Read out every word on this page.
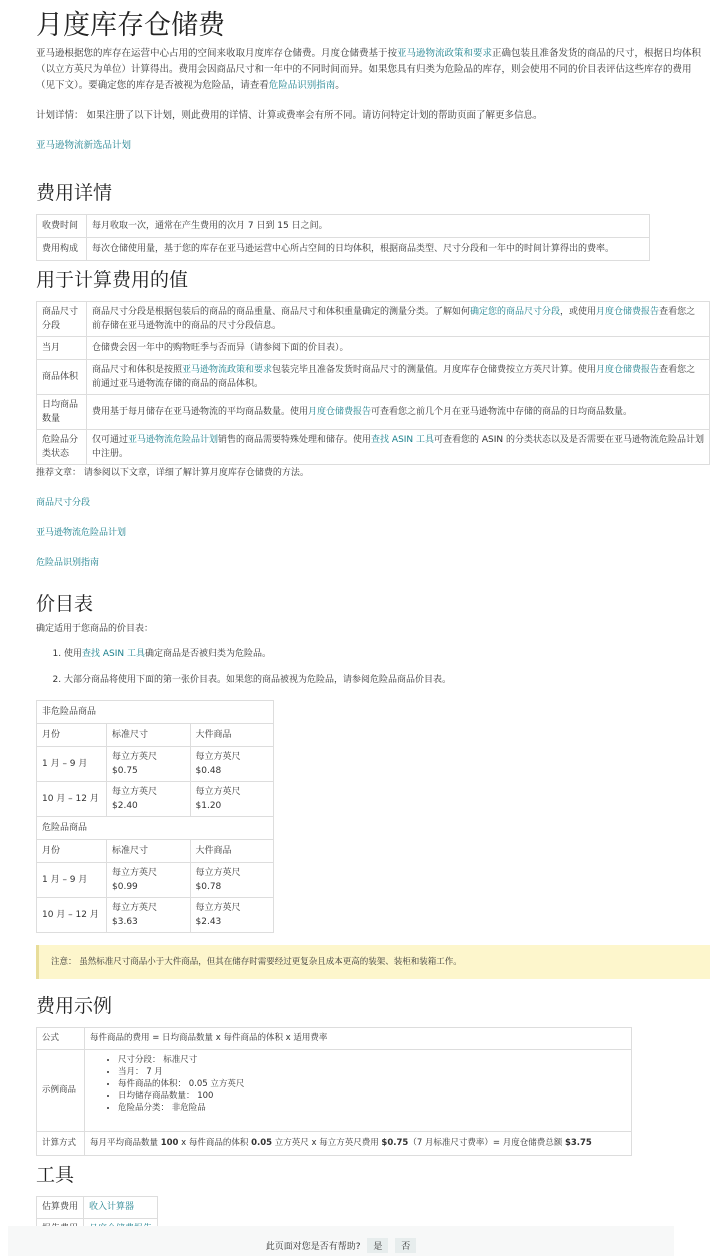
月度库存仓储费

亚马逊根据您的库存在运营中心占用的空间来收取月度库存仓储费。月度仓储费基于按亚马逊物流政策和要求正确包装且准备发货的商品的尺寸，根据日均体积（以立方英尺为单位）计算得出。费用会因商品尺寸和一年中的不同时间而异。如果您具有归类为危险品的库存，则会使用不同的价目表评估这些库存的费用（见下文）。要确定您的库存是否被视为危险品，请查看危险品识别指南。

计划详情： 如果注册了以下计划，则此费用的详情、计算或费率会有所不同。请访问特定计划的帮助页面了解更多信息。

亚马逊物流新选品计划

费用详情
收费时间	每月收取一次，通常在产生费用的次月 7 日到 15 日之间。
费用构成	每次仓储使用量，基于您的库存在亚马逊运营中心所占空间的日均体积，根据商品类型、尺寸分段和一年中的时间计算得出的费率。
用于计算费用的值
商品尺寸分段	商品尺寸分段是根据包装后的商品的商品重量、商品尺寸和体积重量确定的测量分类。了解如何确定您的商品尺寸分段，或使用月度仓储费报告查看您之前存储在亚马逊物流中的商品的尺寸分段信息。
当月	仓储费会因一年中的购物旺季与否而异（请参阅下面的价目表）。
商品体积	商品尺寸和体积是按照亚马逊物流政策和要求包装完毕且准备发货时商品尺寸的测量值。月度库存仓储费按立方英尺计算。使用月度仓储费报告查看您之前通过亚马逊物流存储的商品的商品体积。
日均商品数量	费用基于每月储存在亚马逊物流的平均商品数量。使用月度仓储费报告可查看您之前几个月在亚马逊物流中存储的商品的日均商品数量。
危险品分类状态	仅可通过亚马逊物流危险品计划销售的商品需要特殊处理和储存。使用查找 ASIN 工具可查看您的 ASIN 的分类状态以及是否需要在亚马逊物流危险品计划中注册。

推荐文章： 请参阅以下文章，详细了解计算月度库存仓储费的方法。

商品尺寸分段

亚马逊物流危险品计划

危险品识别指南

价目表

确定适用于您商品的价目表：

1. 使用查找 ASIN 工具确定商品是否被归类为危险品。
2. 大部分商品将使用下面的第一张价目表。如果您的商品被视为危险品，请参阅危险品商品价目表。
非危险品商品		
月份	标准尺寸	大件商品
1 月 – 9 月	每立方英尺 $0.75	每立方英尺 $0.48
10 月 – 12 月	每立方英尺 $2.40	每立方英尺 $1.20
危险品商品		
月份	标准尺寸	大件商品
1 月 – 9 月	每立方英尺 $0.99	每立方英尺 $0.78
10 月 – 12 月	每立方英尺 $3.63	每立方英尺 $2.43
注意： 虽然标准尺寸商品小于大件商品，但其在储存时需要经过更复杂且成本更高的装架、装柜和装箱工作。
费用示例
公式	每件商品的费用 = 日均商品数量 x 每件商品的体积 x 适用费率
示例商品	
• 尺寸分段： 标准尺寸
• 当月： 7 月
• 每件商品的体积： 0.05 立方英尺
• 日均储存商品数量： 100
• 危险品分类： 非危险品

计算方式	每月平均商品数量 100 x 每件商品的体积 0.05 立方英尺 x 每立方英尺费用 $0.75（7 月标准尺寸费率）= 月度仓储费总额 $3.75
工具
估算费用	收入计算器

此页面对您是否有帮助? 是 否
